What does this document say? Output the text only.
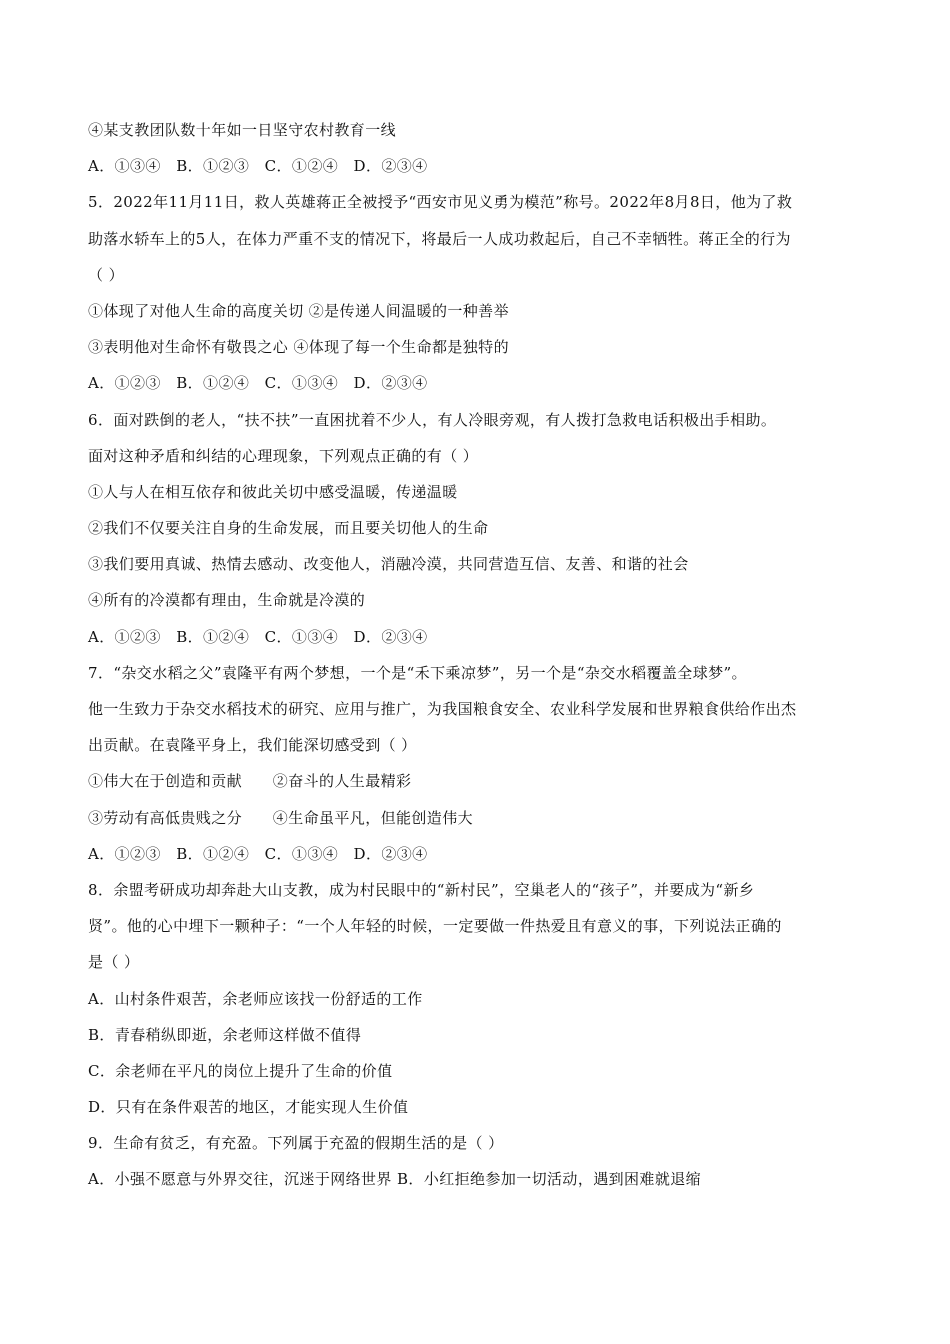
④某支教团队数十年如一日坚守农村教育一线
A．①③④　B．①②③　C．①②④　D．②③④
5．2022年11月11日，救人英雄蒋正全被授予“西安市见义勇为模范”称号。2022年8月8日，他为了救
助落水轿车上的5人，在体力严重不支的情况下，将最后一人成功救起后，自己不幸牺牲。蒋正全的行为
（ ）
①体现了对他人生命的高度关切 ②是传递人间温暖的一种善举
③表明他对生命怀有敬畏之心 ④体现了每一个生命都是独特的
A．①②③　B．①②④　C．①③④　D．②③④
6．面对跌倒的老人，“扶不扶”一直困扰着不少人，有人冷眼旁观，有人拨打急救电话积极出手相助。
面对这种矛盾和纠结的心理现象，下列观点正确的有（ ）
①人与人在相互依存和彼此关切中感受温暖，传递温暖
②我们不仅要关注自身的生命发展，而且要关切他人的生命
③我们要用真诚、热情去感动、改变他人，消融冷漠，共同营造互信、友善、和谐的社会
④所有的冷漠都有理由，生命就是冷漠的
A．①②③　B．①②④　C．①③④　D．②③④
7．“杂交水稻之父”袁隆平有两个梦想，一个是“禾下乘凉梦”，另一个是“杂交水稻覆盖全球梦”。
他一生致力于杂交水稻技术的研究、应用与推广，为我国粮食安全、农业科学发展和世界粮食供给作出杰
出贡献。在袁隆平身上，我们能深切感受到（ ）
①伟大在于创造和贡献　　②奋斗的人生最精彩
③劳动有高低贵贱之分　　④生命虽平凡，但能创造伟大
A．①②③　B．①②④　C．①③④　D．②③④
8．余盟考研成功却奔赴大山支教，成为村民眼中的“新村民”，空巢老人的“孩子”，并要成为“新乡
贤”。他的心中埋下一颗种子：“一个人年轻的时候，一定要做一件热爱且有意义的事，下列说法正确的
是（ ）
A．山村条件艰苦，余老师应该找一份舒适的工作
B．青春稍纵即逝，余老师这样做不值得
C．余老师在平凡的岗位上提升了生命的价值
D．只有在条件艰苦的地区，才能实现人生价值
9．生命有贫乏，有充盈。下列属于充盈的假期生活的是（ ）
A．小强不愿意与外界交往，沉迷于网络世界 B．小红拒绝参加一切活动，遇到困难就退缩
